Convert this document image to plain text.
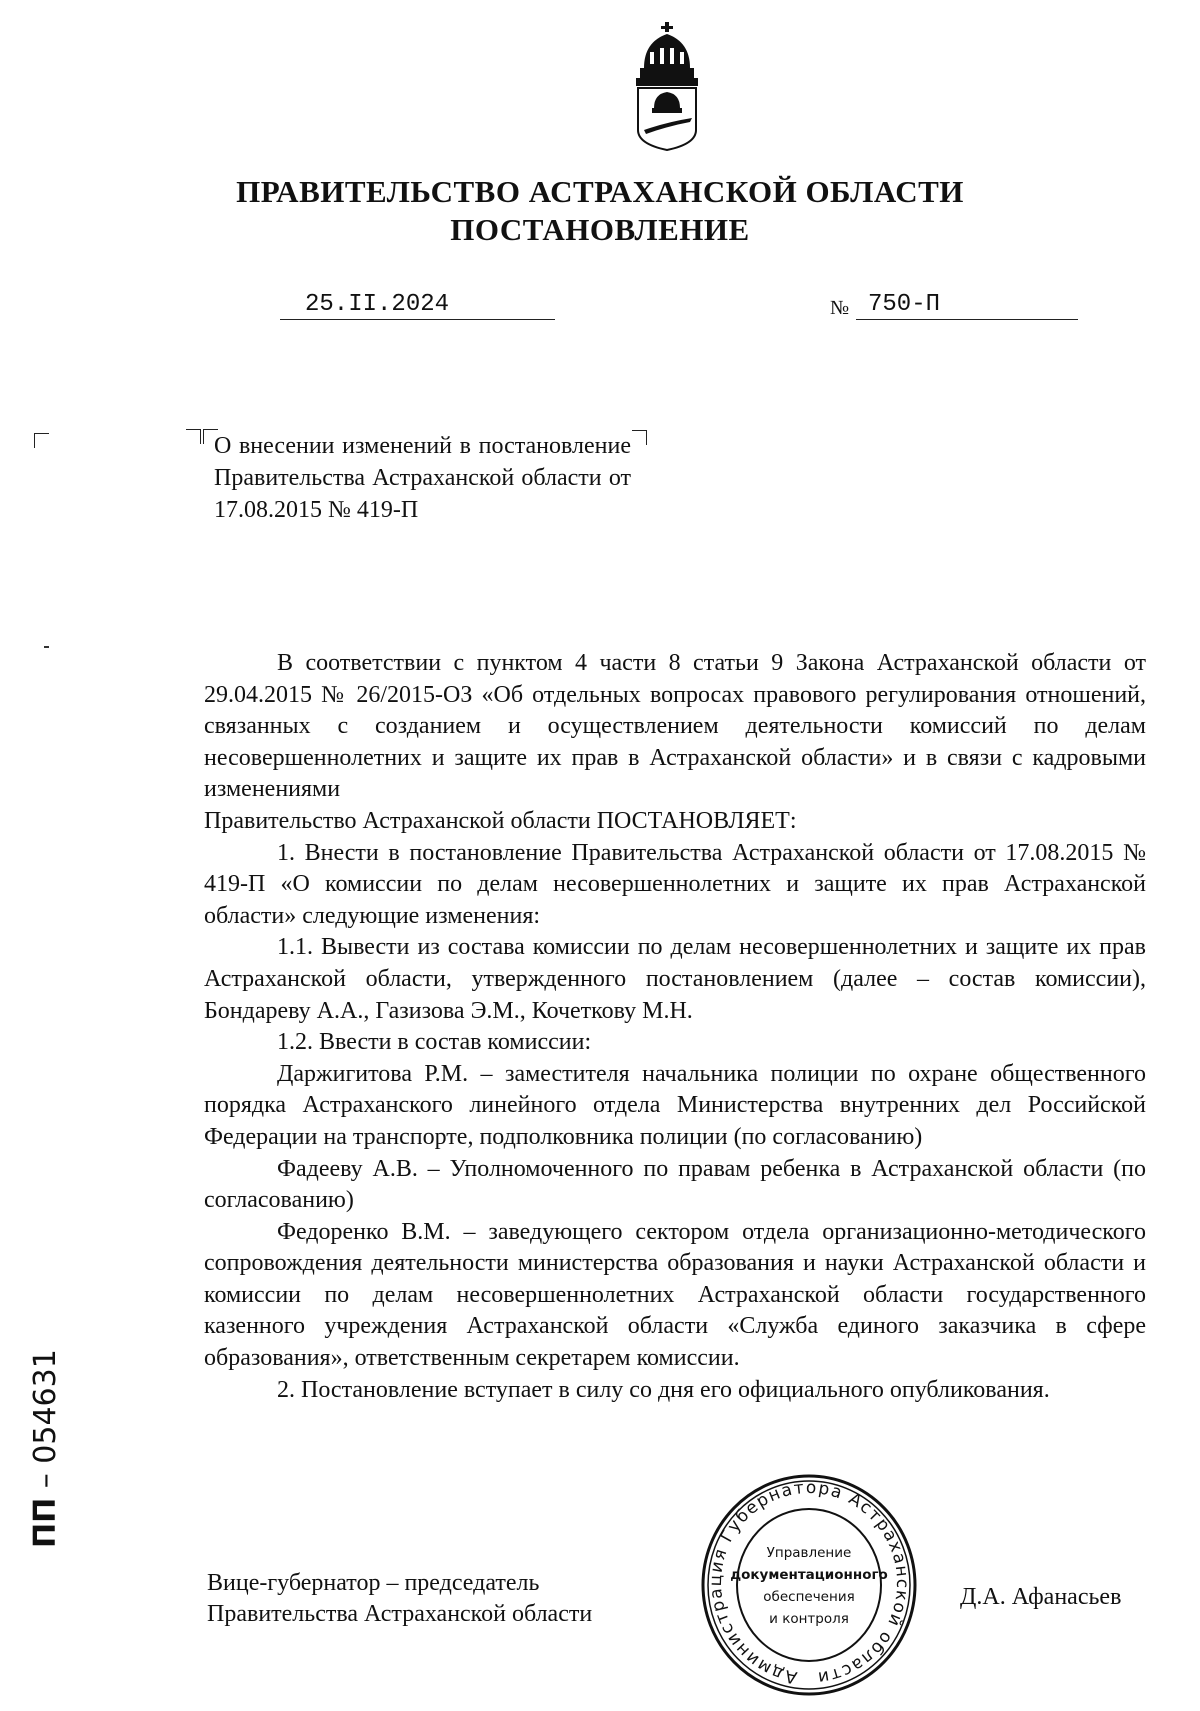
ПРАВИТЕЛЬСТВО АСТРАХАНСКОЙ ОБЛАСТИ
ПОСТАНОВЛЕНИЕ
25.II.2024	№ 750-П
О внесении изменений в постановление Правительства Астраханской области от 17.08.2015 № 419-П

В соответствии с пунктом 4 части 8 статьи 9 Закона Астраханской области от 29.04.2015 № 26/2015-ОЗ «Об отдельных вопросах правового регулирования отношений, связанных с созданием и осуществлением деятельности комиссий по делам несовершеннолетних и защите их прав в Астраханской области» и в связи с кадровыми изменениями

Правительство Астраханской области ПОСТАНОВЛЯЕТ:

1. Внести в постановление Правительства Астраханской области от 17.08.2015 № 419-П «О комиссии по делам несовершеннолетних и защите их прав Астраханской области» следующие изменения:

1.1. Вывести из состава комиссии по делам несовершеннолетних и защите их прав Астраханской области, утвержденного постановлением (далее – состав комиссии), Бондареву А.А., Газизова Э.М., Кочеткову М.Н.

1.2. Ввести в состав комиссии:

Даржигитова Р.М. – заместителя начальника полиции по охране общественного порядка Астраханского линейного отдела Министерства внутренних дел Российской Федерации на транспорте, подполковника полиции (по согласованию)

Фадееву А.В. – Уполномоченного по правам ребенка в Астраханской области (по согласованию)

Федоренко В.М. – заведующего сектором отдела организационно-методического сопровождения деятельности министерства образования и науки Астраханской области и комиссии по делам несовершеннолетних Астраханской области государственного казенного учреждения Астраханской области «Служба единого заказчика в сфере образования», ответственным секретарем комиссии.

2. Постановление вступает в силу со дня его официального опубликования.

Вице-губернатор – председатель
Правительства Астраханской области
Д.А. Афанасьев
Администрация Губернатора Астраханской области
Управление
документационного
обеспечения
и контроля
ПП – 054631
